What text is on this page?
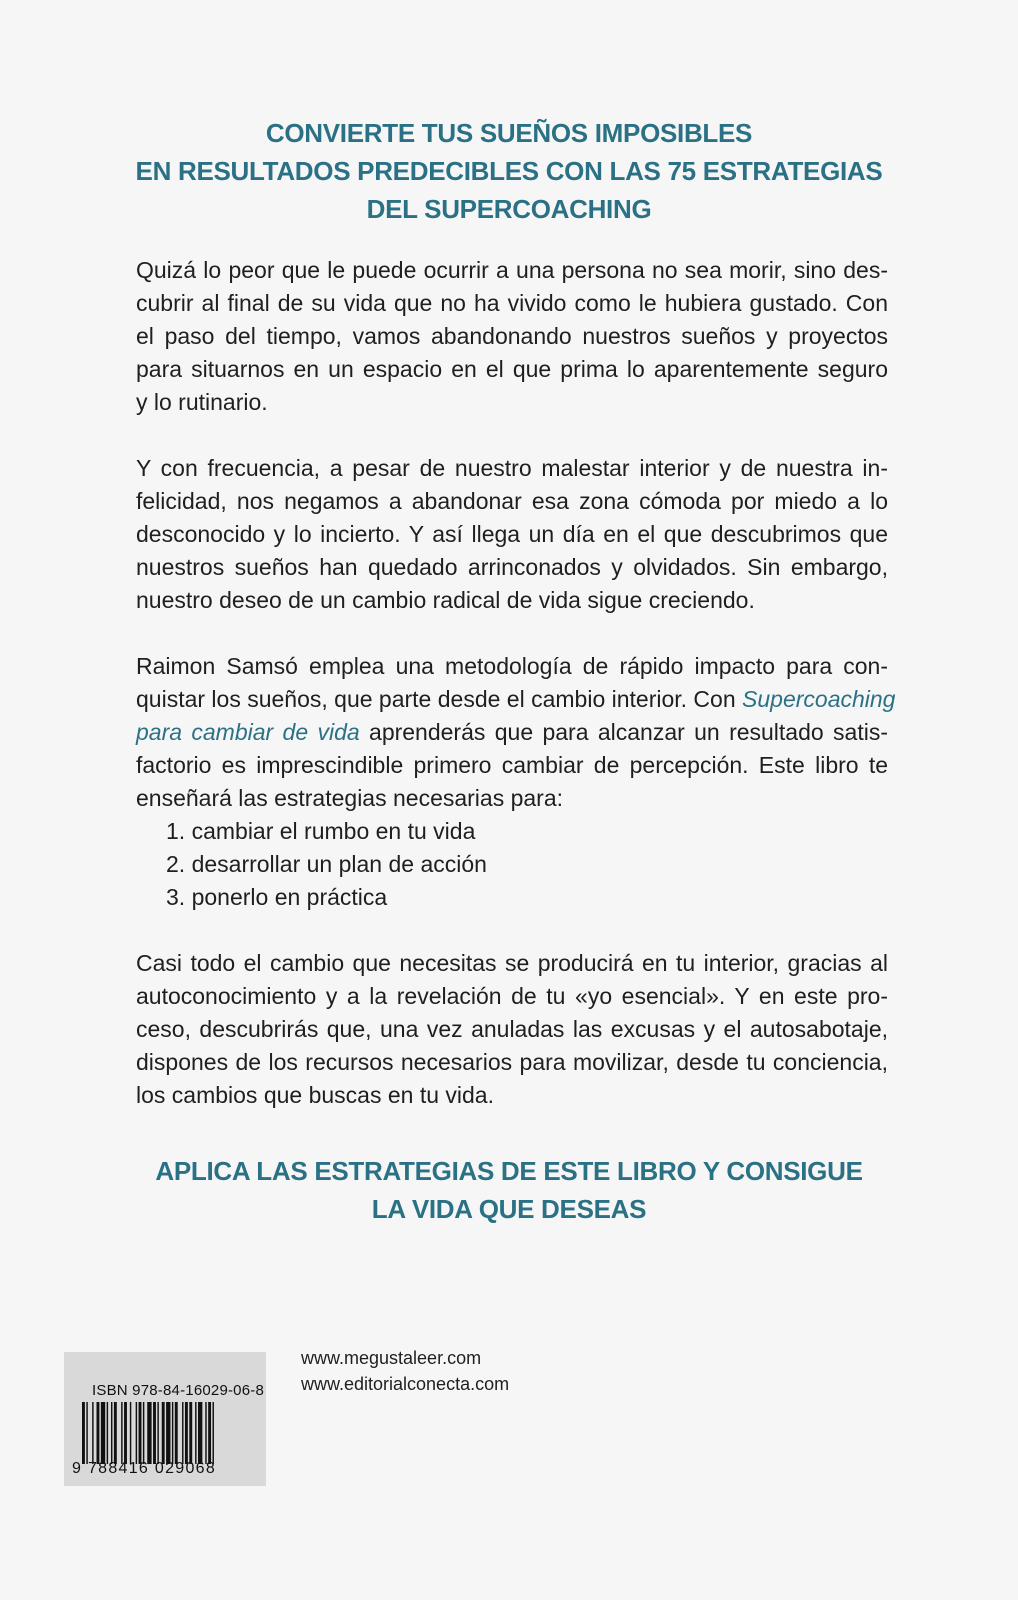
CONVIERTE TUS SUEÑOS IMPOSIBLES
EN RESULTADOS PREDECIBLES CON LAS 75 ESTRATEGIAS
DEL SUPERCOACHING

Quizá lo peor que le puede ocurrir a una persona no sea morir, sino des-
cubrir al final de su vida que no ha vivido como le hubiera gustado. Con
el paso del tiempo, vamos abandonando nuestros sueños y proyectos
para situarnos en un espacio en el que prima lo aparentemente seguro
y lo rutinario.

Y con frecuencia, a pesar de nuestro malestar interior y de nuestra in-
felicidad, nos negamos a abandonar esa zona cómoda por miedo a lo
desconocido y lo incierto. Y así llega un día en el que descubrimos que
nuestros sueños han quedado arrinconados y olvidados. Sin embargo,
nuestro deseo de un cambio radical de vida sigue creciendo.

Raimon Samsó emplea una metodología de rápido impacto para con-
quistar los sueños, que parte desde el cambio interior. Con Supercoaching
para cambiar de vida aprenderás que para alcanzar un resultado satis-
factorio es imprescindible primero cambiar de percepción. Este libro te
enseñará las estrategias necesarias para:

1. cambiar el rumbo en tu vida
2. desarrollar un plan de acción
3. ponerlo en práctica

Casi todo el cambio que necesitas se producirá en tu interior, gracias al
autoconocimiento y a la revelación de tu «yo esencial». Y en este pro-
ceso, descubrirás que, una vez anuladas las excusas y el autosabotaje,
dispones de los recursos necesarios para movilizar, desde tu conciencia,
los cambios que buscas en tu vida.

APLICA LAS ESTRATEGIAS DE ESTE LIBRO Y CONSIGUE
LA VIDA QUE DESEAS
ISBN 978-84-16029-06-8
9 788416 029068
www.megustaleer.com
www.editorialconecta.com
